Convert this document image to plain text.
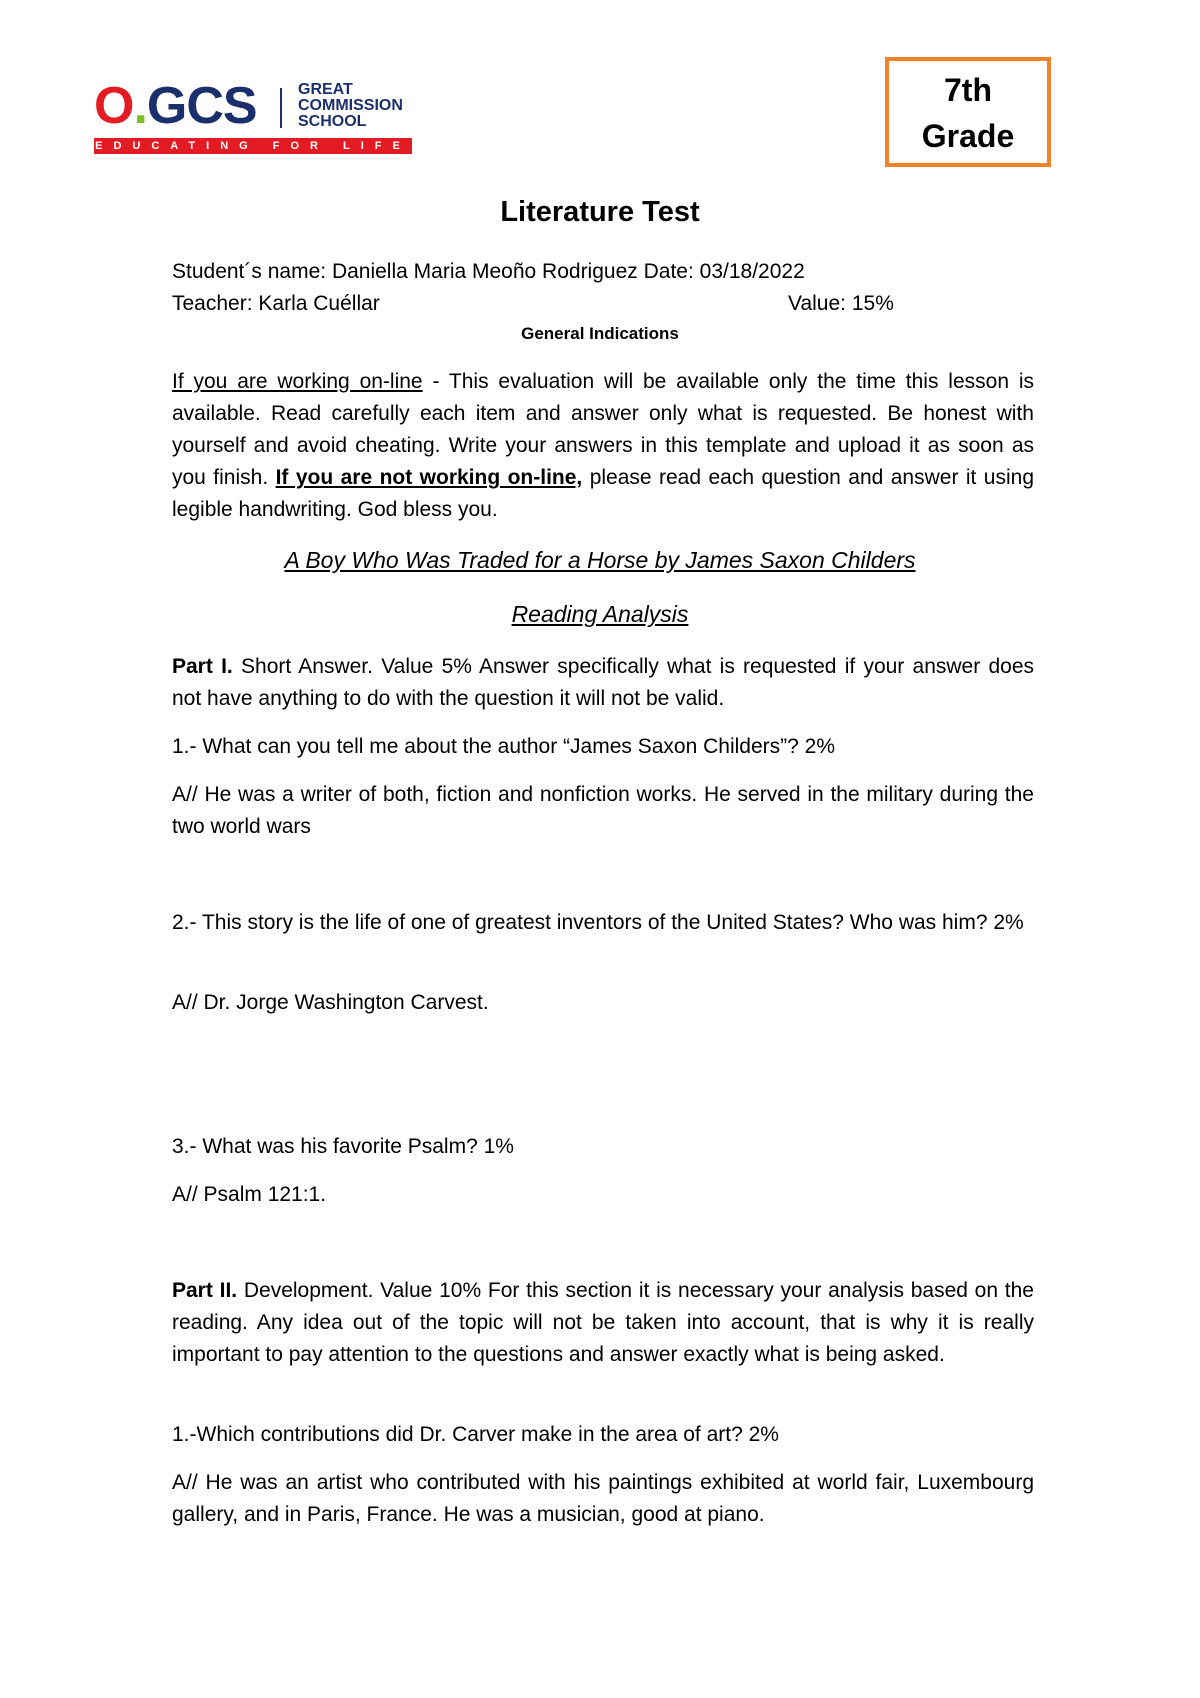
O.GCS	GREAT
COMMISSION
SCHOOL
EDUCATING FOR LIFE
7th
Grade
Literature Test
Student´s name: Daniella Maria Meoño Rodriguez Date: 03/18/2022
Teacher: Karla Cuéllar	Value: 15%
General Indications
If you are working on-line - This evaluation will be available only the time this lesson is available. Read carefully each item and answer only what is requested. Be honest with yourself and avoid cheating. Write your answers in this template and upload it as soon as you finish. If you are not working on-line, please read each question and answer it using legible handwriting. God bless you.
A Boy Who Was Traded for a Horse by James Saxon Childers
Reading Analysis
Part I. Short Answer. Value 5% Answer specifically what is requested if your answer does not have anything to do with the question it will not be valid.
1.- What can you tell me about the author “James Saxon Childers”? 2%
A// He was a writer of both, fiction and nonfiction works. He served in the military during the two world wars
2.- This story is the life of one of greatest inventors of the United States? Who was him? 2%
A// Dr. Jorge Washington Carvest.
3.- What was his favorite Psalm? 1%
A// Psalm 121:1.
Part II. Development. Value 10% For this section it is necessary your analysis based on the reading. Any idea out of the topic will not be taken into account, that is why it is really important to pay attention to the questions and answer exactly what is being asked.
1.-Which contributions did Dr. Carver make in the area of art? 2%
A// He was an artist who contributed with his paintings exhibited at world fair, Luxembourg gallery, and in Paris, France. He was a musician, good at piano.
